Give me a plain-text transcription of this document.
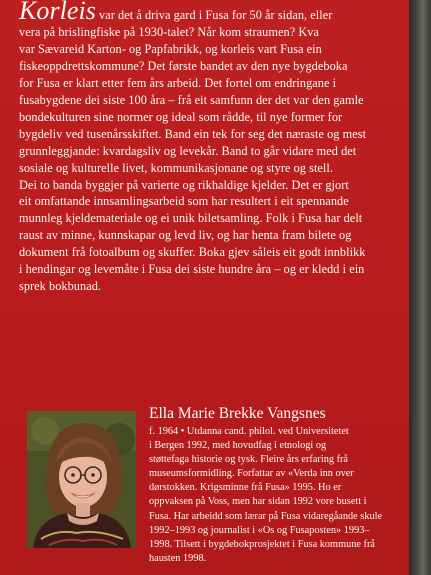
Korleis var det å driva gard i Fusa for 50 år sidan, eller

vera på brislingfiske på 1930-talet? Når kom straumen? Kva

var Sævareid Karton- og Papfabrikk, og korleis vart Fusa ein

fiskeoppdrettskommune? Det første bandet av den nye bygdeboka

for Fusa er klart etter fem års arbeid. Det fortel om endringane i

fusabygdene dei siste 100 åra – frå eit samfunn der det var den gamle

bondekulturen sine normer og ideal som rådde, til nye former for

bygdeliv ved tusenårsskiftet. Band ein tek for seg det næraste og mest

grunnleggjande: kvardagsliv og levekår. Band to går vidare med det

sosiale og kulturelle livet, kommunikasjonane og styre og stell.

Dei to banda byggjer på varierte og rikhaldige kjelder. Det er gjort

eit omfattande innsamlingsarbeid som har resultert i eit spennande

munnleg kjeldemateriale og ei unik biletsamling. Folk i Fusa har delt

raust av minne, kunnskapar og levd liv, og har henta fram bilete og

dokument frå fotoalbum og skuffer. Boka gjev såleis eit godt innblikk

i hendingar og levemåte i Fusa dei siste hundre åra – og er kledd i ein

sprek bokbunad.

Ella Marie Brekke Vangsnes

f. 1964 • Utdanna cand. philol. ved Universitetet

i Bergen 1992, med hovudfag i etnologi og

støttefaga historie og tysk. Fleire års erfaring frå

museumsformidling. Forfattar av «Verda inn over

dørstokken. Krigsminne frå Fusa» 1995. Ho er

oppvaksen på Voss, men har sidan 1992 vore busett i

Fusa. Har arbeidd som lærar på Fusa vidaregåande skule

1992–1993 og journalist i «Os og Fusaposten» 1993–

1998. Tilsett i bygdebokprosjektet i Fusa kommune frå

hausten 1998.
